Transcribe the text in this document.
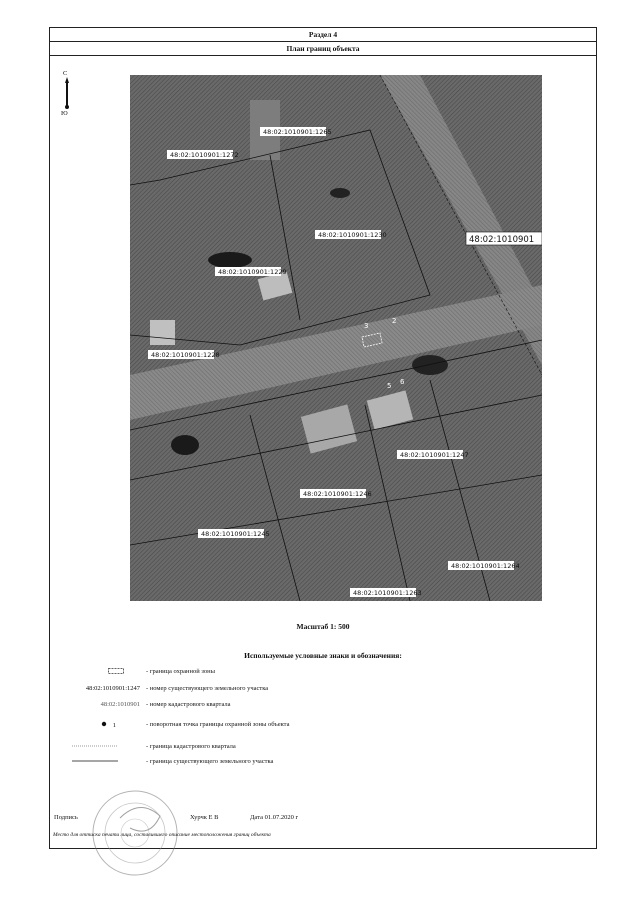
Раздел 4
План границ объекта
С
Ю
48:02:1010901:1265
48:02:1010901:1272
48:02:1010901:1230
48:02:1010901:1229
48:02:1010901:1228
48:02:1010901:1247
48:02:1010901:1246
48:02:1010901:1245
48:02:1010901:1264
48:02:1010901:1263
48:02:1010901
3
2
5 6
Масштаб 1: 500
Используемые условные знаки и обозначения:
- граница охранной зоны
48:02:1010901:1247 - номер существующего земельного участка
48:02:1010901 - номер кадастрового квартала
1	- поворотная точка границы охранной зоны объекта
- граница кадастрового квартала
- граница существующего земельного участка
Подпись	Хурчк Е В	Дата 01.07.2020 г
Место для оттиска печати лица, составившего описание местоположения границ объекта
